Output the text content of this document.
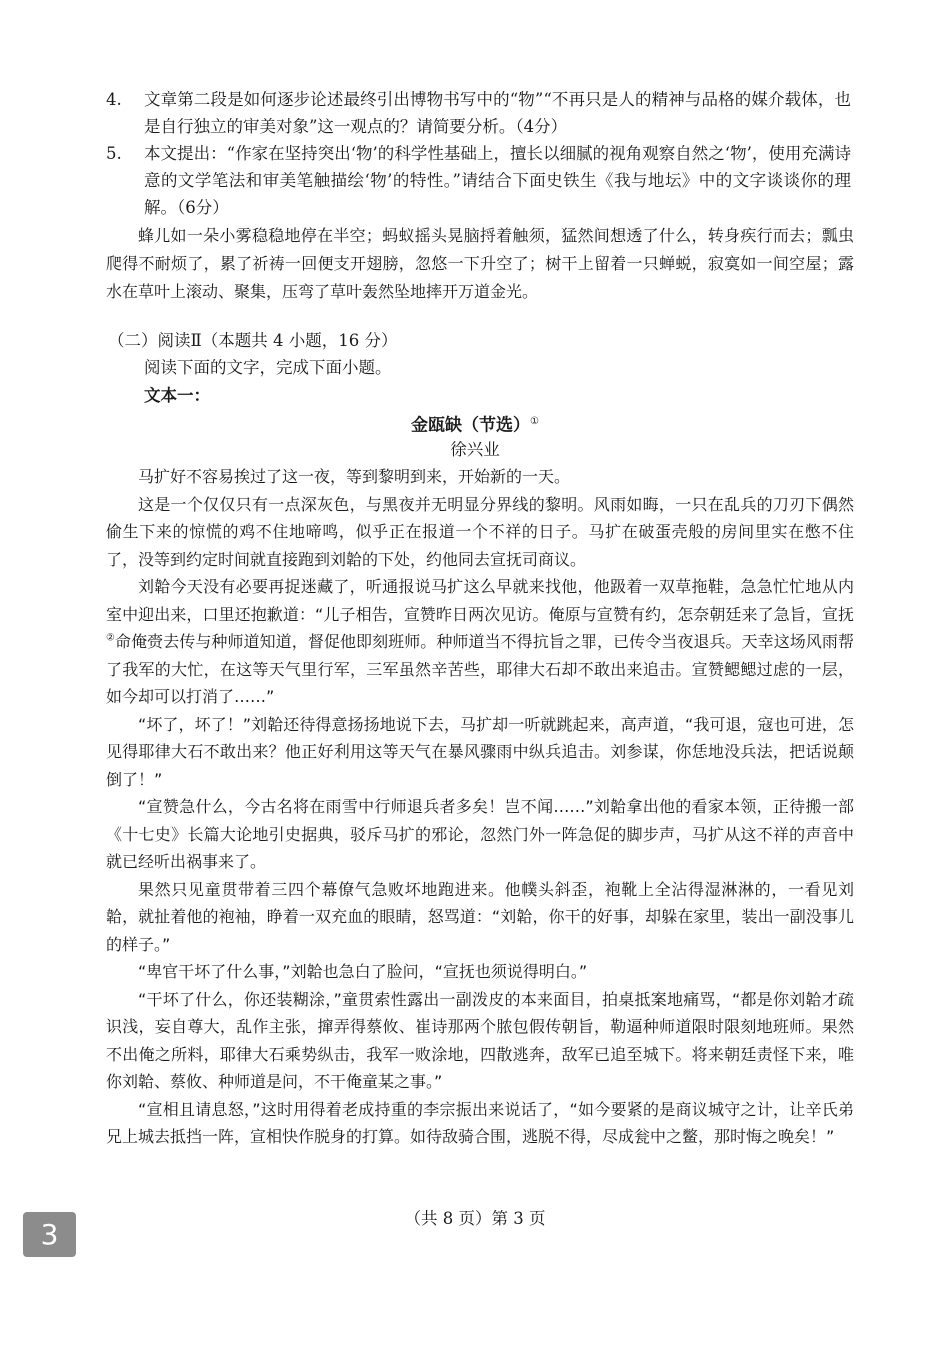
4.	文章第二段是如何逐步论述最终引出博物书写中的“物”“不再只是人的精神与品格的媒介载体，也是自行独立的审美对象”这一观点的？请简要分析。（4分）
5.	本文提出：“作家在坚持突出‘物’的科学性基础上，擅长以细腻的视角观察自然之‘物’，使用充满诗意的文学笔法和审美笔触描绘‘物’的特性。”请结合下面史铁生《我与地坛》中的文字谈谈你的理解。（6分）
蜂儿如一朵小雾稳稳地停在半空；蚂蚁摇头晃脑捋着触须，猛然间想透了什么，转身疾行而去；瓢虫爬得不耐烦了，累了祈祷一回便支开翅膀，忽悠一下升空了；树干上留着一只蝉蜕，寂寞如一间空屋；露水在草叶上滚动、聚集，压弯了草叶轰然坠地摔开万道金光。
（二）阅读Ⅱ（本题共 4 小题，16 分）
阅读下面的文字，完成下面小题。
文本一：
金瓯缺（节选）①
徐兴业

马扩好不容易挨过了这一夜，等到黎明到来，开始新的一天。

这是一个仅仅只有一点深灰色，与黑夜并无明显分界线的黎明。风雨如晦，一只在乱兵的刀刃下偶然偷生下来的惊慌的鸡不住地啼鸣，似乎正在报道一个不祥的日子。马扩在破蛋壳般的房间里实在憋不住了，没等到约定时间就直接跑到刘韐的下处，约他同去宣抚司商议。

刘韐今天没有必要再捉迷藏了，听通报说马扩这么早就来找他，他趿着一双草拖鞋，急急忙忙地从内室中迎出来，口里还抱歉道：“儿子相告，宣赞昨日两次见访。俺原与宣赞有约，怎奈朝廷来了急旨，宣抚②命俺赍去传与种师道知道，督促他即刻班师。种师道当不得抗旨之罪，已传令当夜退兵。天幸这场风雨帮了我军的大忙，在这等天气里行军，三军虽然辛苦些，耶律大石却不敢出来追击。宣赞鳃鳃过虑的一层，如今却可以打消了……”

“坏了，坏了！”刘韐还待得意扬扬地说下去，马扩却一听就跳起来，高声道，“我可退，寇也可进，怎见得耶律大石不敢出来？他正好利用这等天气在暴风骤雨中纵兵追击。刘参谋，你恁地没兵法，把话说颠倒了！”

“宣赞急什么，今古名将在雨雪中行师退兵者多矣！岂不闻……”刘韐拿出他的看家本领，正待搬一部《十七史》长篇大论地引史据典，驳斥马扩的邪论，忽然门外一阵急促的脚步声，马扩从这不祥的声音中就已经听出祸事来了。

果然只见童贯带着三四个幕僚气急败坏地跑进来。他幞头斜歪，袍靴上全沾得湿淋淋的，一看见刘韐，就扯着他的袍袖，睁着一双充血的眼睛，怒骂道：“刘韐，你干的好事，却躲在家里，装出一副没事儿的样子。”

“卑官干坏了什么事，”刘韐也急白了脸问，“宣抚也须说得明白。”

“干坏了什么，你还装糊涂，”童贯索性露出一副泼皮的本来面目，拍桌抵案地痛骂，“都是你刘韐才疏识浅，妄自尊大，乱作主张，撺弄得蔡攸、崔诗那两个脓包假传朝旨，勒逼种师道限时限刻地班师。果然不出俺之所料，耶律大石乘势纵击，我军一败涂地，四散逃奔，敌军已追至城下。将来朝廷责怪下来，唯你刘韐、蔡攸、种师道是问，不干俺童某之事。”

“宣相且请息怒，”这时用得着老成持重的李宗振出来说话了，“如今要紧的是商议城守之计，让辛氏弟兄上城去抵挡一阵，宣相快作脱身的打算。如待敌骑合围，逃脱不得，尽成瓮中之鳖，那时悔之晚矣！”

（共 8 页）第 3 页
3
